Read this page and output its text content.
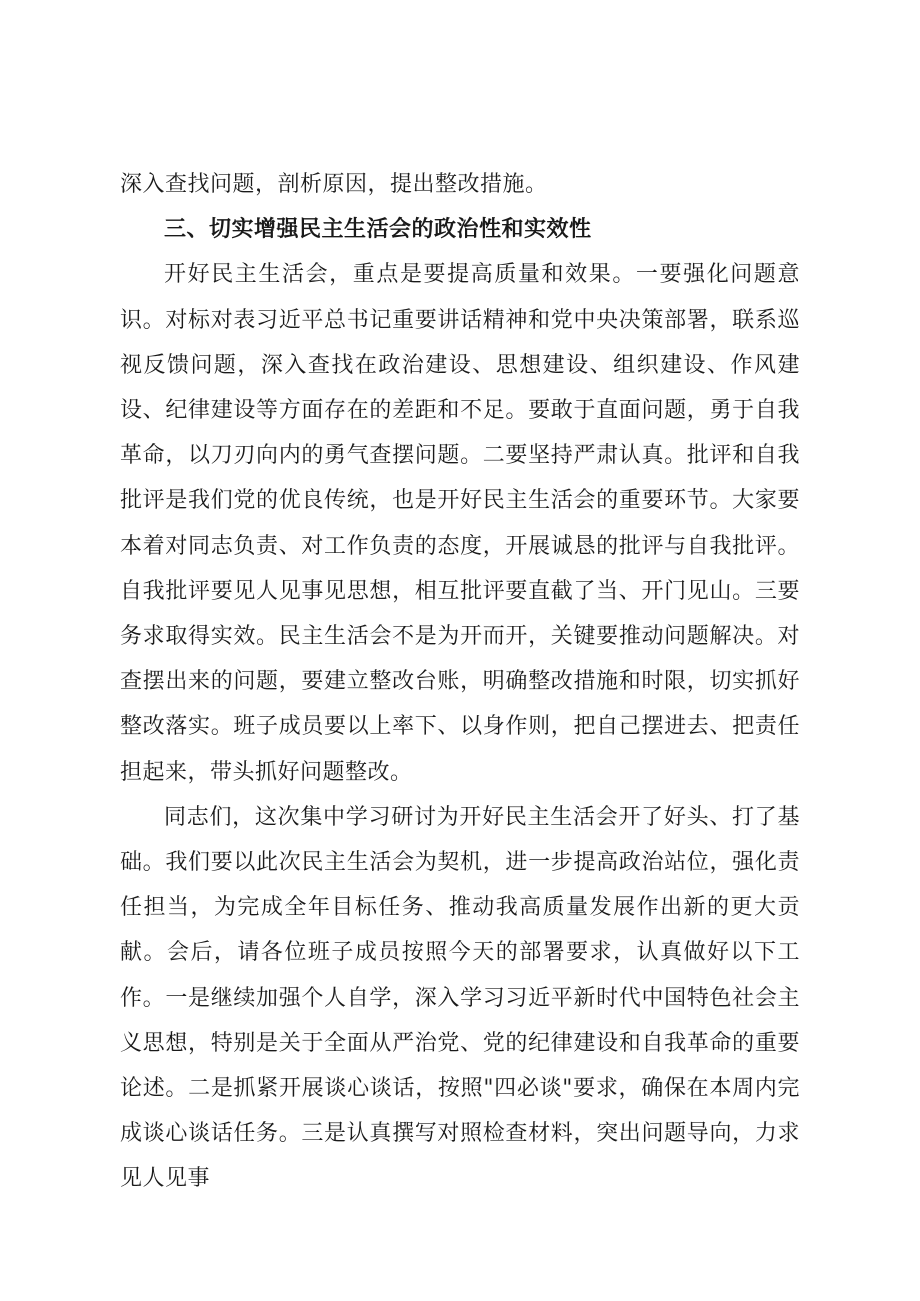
深入查找问题，剖析原因，提出整改措施。

三、切实增强民主生活会的政治性和实效性

开好民主生活会，重点是要提高质量和效果。一要强化问题意识。对标对表习近平总书记重要讲话精神和党中央决策部署，联系巡视反馈问题，深入查找在政治建设、思想建设、组织建设、作风建设、纪律建设等方面存在的差距和不足。要敢于直面问题，勇于自我革命，以刀刃向内的勇气查摆问题。二要坚持严肃认真。批评和自我批评是我们党的优良传统，也是开好民主生活会的重要环节。大家要本着对同志负责、对工作负责的态度，开展诚恳的批评与自我批评。自我批评要见人见事见思想，相互批评要直截了当、开门见山。三要务求取得实效。民主生活会不是为开而开，关键要推动问题解决。对查摆出来的问题，要建立整改台账，明确整改措施和时限，切实抓好整改落实。班子成员要以上率下、以身作则，把自己摆进去、把责任担起来，带头抓好问题整改。

同志们，这次集中学习研讨为开好民主生活会开了好头、打了基础。我们要以此次民主生活会为契机，进一步提高政治站位，强化责任担当，为完成全年目标任务、推动我高质量发展作出新的更大贡献。会后，请各位班子成员按照今天的部署要求，认真做好以下工作。一是继续加强个人自学，深入学习习近平新时代中国特色社会主义思想，特别是关于全面从严治党、党的纪律建设和自我革命的重要论述。二是抓紧开展谈心谈话，按照"四必谈"要求，确保在本周内完成谈心谈话任务。三是认真撰写对照检查材料，突出问题导向，力求见人见事
